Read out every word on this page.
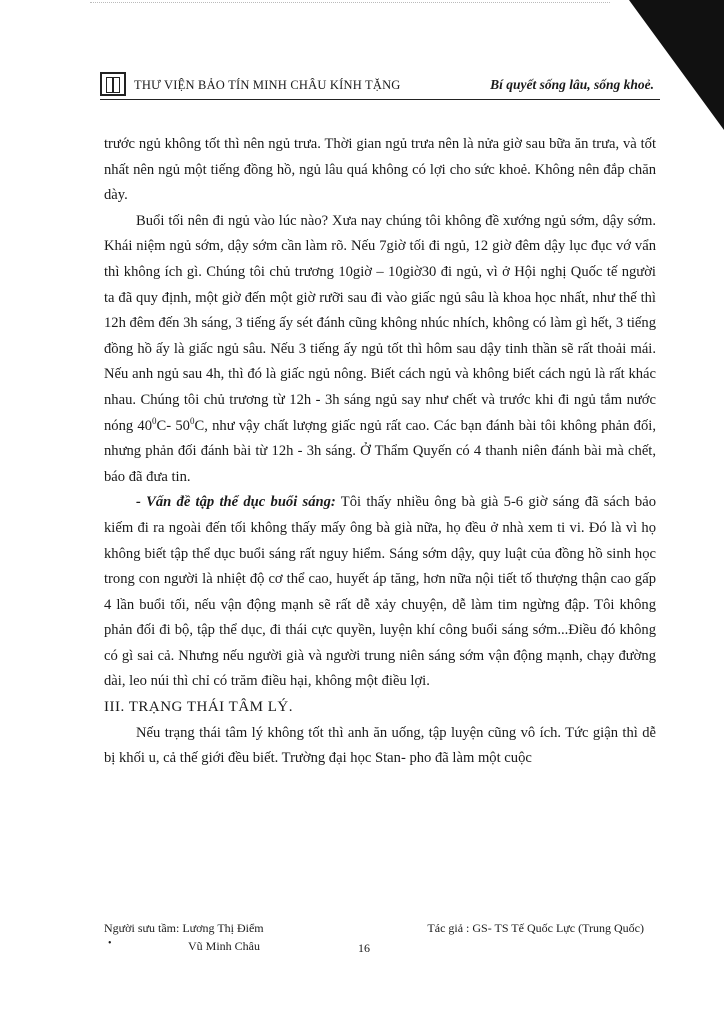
THƯ VIỆN BẢO TÍN MINH CHÂU KÍNH TẶNG	Bí quyết sống lâu, sống khoẻ.

trước ngủ không tốt thì nên ngủ trưa. Thời gian ngủ trưa nên là nửa giờ sau bữa ăn trưa, và tốt nhất nên ngủ một tiếng đồng hồ, ngủ lâu quá không có lợi cho sức khoẻ. Không nên đắp chăn dày.

Buổi tối nên đi ngủ vào lúc nào? Xưa nay chúng tôi không đề xướng ngủ sớm, dậy sớm. Khái niệm ngủ sớm, dậy sớm cần làm rõ. Nếu 7giờ tối đi ngủ, 12 giờ đêm dậy lục đục vớ vẩn thì không ích gì. Chúng tôi chủ trương 10giờ – 10giờ30 đi ngủ, vì ở Hội nghị Quốc tế người ta đã quy định, một giờ đến một giờ rưỡi sau đi vào giấc ngủ sâu là khoa học nhất, như thế thì 12h đêm đến 3h sáng, 3 tiếng ấy sét đánh cũng không nhúc nhích, không có làm gì hết, 3 tiếng đồng hồ ấy là giấc ngủ sâu. Nếu 3 tiếng ấy ngủ tốt thì hôm sau dậy tinh thần sẽ rất thoải mái. Nếu anh ngủ sau 4h, thì đó là giấc ngủ nông. Biết cách ngủ và không biết cách ngủ là rất khác nhau. Chúng tôi chủ trương từ 12h - 3h sáng ngủ say như chết và trước khi đi ngủ tắm nước nóng $40^0C-$ $50^0C$, như vậy chất lượng giấc ngủ rất cao. Các bạn đánh bài tôi không phản đối, nhưng phản đối đánh bài từ 12h - 3h sáng. Ở Thẩm Quyến có 4 thanh niên đánh bài mà chết, báo đã đưa tin.

- Vấn đề tập thể dục buổi sáng: Tôi thấy nhiều ông bà già 5-6 giờ sáng đã sách bảo kiếm đi ra ngoài đến tối không thấy mấy ông bà già nữa, họ đều ở nhà xem ti vi. Đó là vì họ không biết tập thể dục buổi sáng rất nguy hiểm. Sáng sớm dậy, quy luật của đồng hồ sinh học trong con người là nhiệt độ cơ thể cao, huyết áp tăng, hơn nữa nội tiết tố thượng thận cao gấp 4 lần buổi tối, nếu vận động mạnh sẽ rất dễ xảy chuyện, dễ làm tim ngừng đập. Tôi không phản đối đi bộ, tập thể dục, đi thái cực quyền, luyện khí công buổi sáng sớm...Điều đó không có gì sai cả. Nhưng nếu người già và người trung niên sáng sớm vận động mạnh, chạy đường dài, leo núi thì chỉ có trăm điều hại, không một điều lợi.

III. TRẠNG THÁI TÂM LÝ.

Nếu trạng thái tâm lý không tốt thì anh ăn uống, tập luyện cũng vô ích. Tức giận thì dễ bị khối u, cả thế giới đều biết. Trường đại học Stan- pho đã làm một cuộc

Người sưu tầm: Lương Thị Điểm
•	Vũ Minh Châu	16
Tác giả : GS- TS Tế Quốc Lực (Trung Quốc)
